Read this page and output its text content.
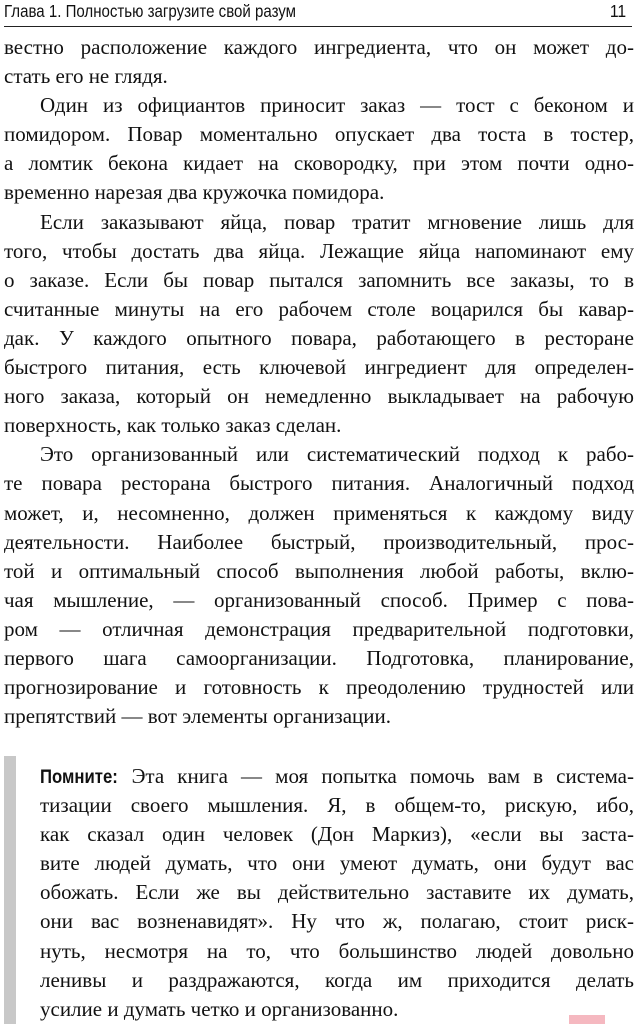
Глава 1. Полностью загрузите свой разум	11
вестно расположение каждого ингредиента, что он может до-
стать его не глядя.
Один из официантов приносит заказ — тост с беконом и
помидором. Повар моментально опускает два тоста в тостер,
а ломтик бекона кидает на сковородку, при этом почти одно-
временно нарезая два кружочка помидора.
Если заказывают яйца, повар тратит мгновение лишь для
того, чтобы достать два яйца. Лежащие яйца напоминают ему
о заказе. Если бы повар пытался запомнить все заказы, то в
считанные минуты на его рабочем столе воцарился бы кавар-
дак. У каждого опытного повара, работающего в ресторане
быстрого питания, есть ключевой ингредиент для определен-
ного заказа, который он немедленно выкладывает на рабочую
поверхность, как только заказ сделан.
Это организованный или систематический подход к рабо-
те повара ресторана быстрого питания. Аналогичный подход
может, и, несомненно, должен применяться к каждому виду
деятельности. Наиболее быстрый, производительный, прос-
той и оптимальный способ выполнения любой работы, вклю-
чая мышление, — организованный способ. Пример с пова-
ром — отличная демонстрация предварительной подготовки,
первого шага самоорганизации. Подготовка, планирование,
прогнозирование и готовность к преодолению трудностей или
препятствий — вот элементы организации.
Помните: Эта книга — моя попытка помочь вам в система-
тизации своего мышления. Я, в общем-то, рискую, ибо,
как сказал один человек (Дон Маркиз), «если вы заста-
вите людей думать, что они умеют думать, они будут вас
обожать. Если же вы действительно заставите их думать,
они вас возненавидят». Ну что ж, полагаю, стоит риск-
нуть, несмотря на то, что большинство людей довольно
ленивы и раздражаются, когда им приходится делать
усилие и думать четко и организованно.
